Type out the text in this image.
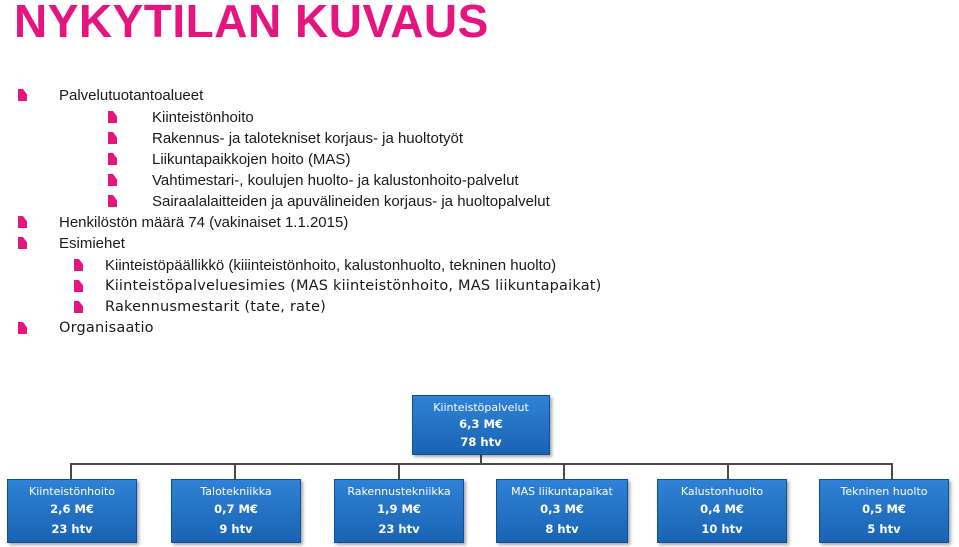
NYKYTILAN KUVAUS
Palvelutuotantoalueet
Kiinteistönhoito
Rakennus- ja talotekniset korjaus- ja huoltotyöt
Liikuntapaikkojen hoito (MAS)
Vahtimestari-, koulujen huolto- ja kalustonhoito-palvelut
Sairaalalaitteiden ja apuvälineiden korjaus- ja huoltopalvelut
Henkilöstön määrä 74 (vakinaiset 1.1.2015)
Esimiehet
Kiinteistöpäällikkö (kiiinteistönhoito, kalustonhuolto, tekninen huolto)
Kiinteistöpalveluesimies (MAS kiinteistönhoito, MAS liikuntapaikat)
Rakennusmestarit (tate, rate)
Organisaatio
Kiinteistöpalvelut
6,3 M€
78 htv
Kiinteistönhoito
2,6 M€
23 htv
Talotekniikka
0,7 M€
9 htv
Rakennustekniikka
1,9 M€
23 htv
MAS liikuntapaikat
0,3 M€
8 htv
Kalustonhuolto
0,4 M€
10 htv
Tekninen huolto
0,5 M€
5 htv
